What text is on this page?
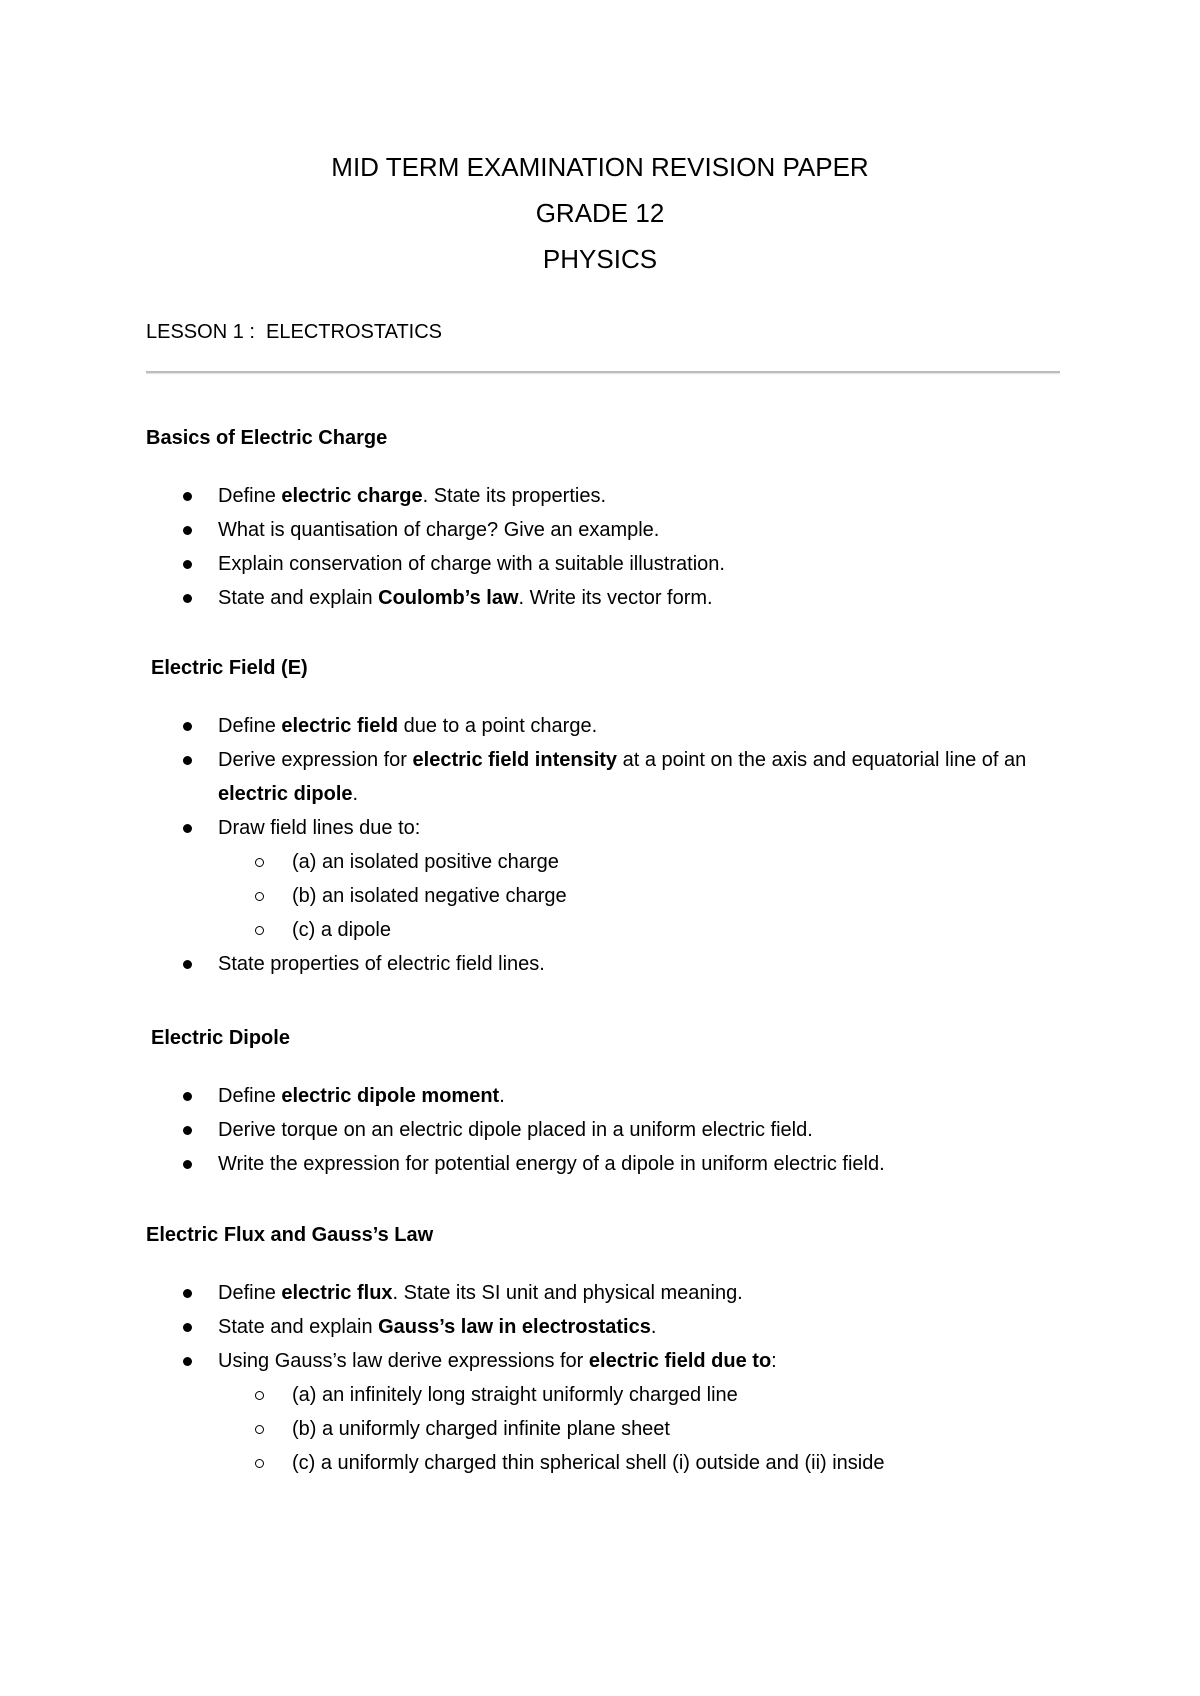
MID TERM EXAMINATION REVISION PAPER
GRADE 12
PHYSICS
LESSON 1 :  ELECTROSTATICS
Basics of Electric Charge
Define electric charge. State its properties.
What is quantisation of charge? Give an example.
Explain conservation of charge with a suitable illustration.
State and explain Coulomb’s law. Write its vector form.
Electric Field (E)
Define electric field due to a point charge.
Derive expression for electric field intensity at a point on the axis and equatorial line of an electric dipole.
Draw field lines due to:
(a) an isolated positive charge
(b) an isolated negative charge
(c) a dipole
State properties of electric field lines.
Electric Dipole
Define electric dipole moment.
Derive torque on an electric dipole placed in a uniform electric field.
Write the expression for potential energy of a dipole in uniform electric field.
Electric Flux and Gauss’s Law
Define electric flux. State its SI unit and physical meaning.
State and explain Gauss’s law in electrostatics.
Using Gauss’s law derive expressions for electric field due to:
(a) an infinitely long straight uniformly charged line
(b) a uniformly charged infinite plane sheet
(c) a uniformly charged thin spherical shell (i) outside and (ii) inside
